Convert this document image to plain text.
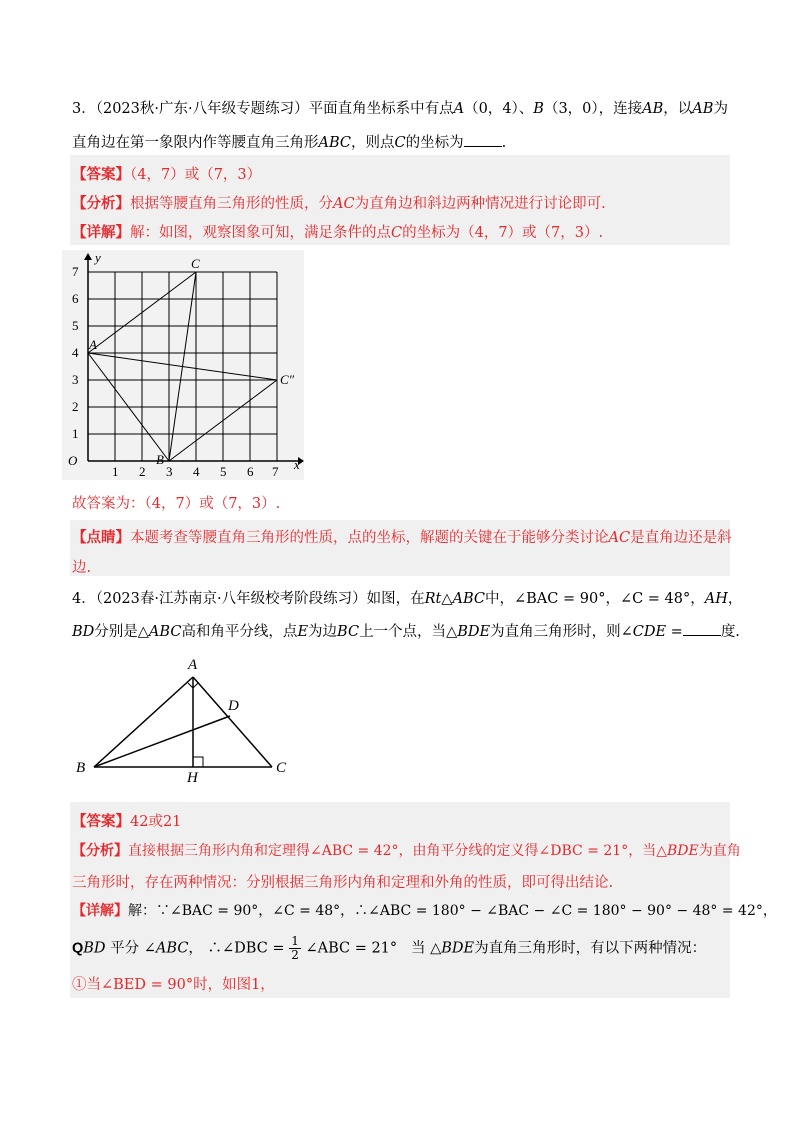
3．（2023秋·广东·八年级专题练习）平面直角坐标系中有点A（0，4）、B（3，0），连接AB，以AB为
直角边在第一象限内作等腰直角三角形ABC，则点C的坐标为	.
【答案】（4，7）或（7，3）
【分析】根据等腰直角三角形的性质，分AC为直角边和斜边两种情况进行讨论即可.
【详解】解：如图，观察图象可知，满足条件的点C的坐标为（4，7）或（7，3）.
O	x
y
1
2
3
4
5
6
7
1 2 3 4 5 6 7
A
B
C
C″
故答案为：（4，7）或（7，3）.
【点睛】本题考查等腰直角三角形的性质，点的坐标，解题的关键在于能够分类讨论AC是直角边还是斜
边.
4．（2023春·江苏南京·八年级校考阶段练习）如图，在Rt△ABC中，∠BAC = 90°，∠C = 48°，AH，
BD分别是△ABC高和角平分线，点E为边BC上一个点，当△BDE为直角三角形时，则∠CDE =	度.
A
B	C
D
H
【答案】42或21
【分析】直接根据三角形内角和定理得∠ABC = 42°，由角平分线的定义得∠DBC = 21°，当△BDE为直角
三角形时，存在两种情况：分别根据三角形内角和定理和外角的性质，即可得出结论.
【详解】解：∵∠BAC = 90°，∠C = 48°，∴∠ABC = 180° − ∠BAC − ∠C = 180° − 90° − 48° = 42°，
QBD 平分 ∠ABC， ∴∠DBC = $\frac{1}{2}$ ∠ABC = 21° 当 △BDE为直角三角形时，有以下两种情况：
①当∠BED = 90°时，如图1，
